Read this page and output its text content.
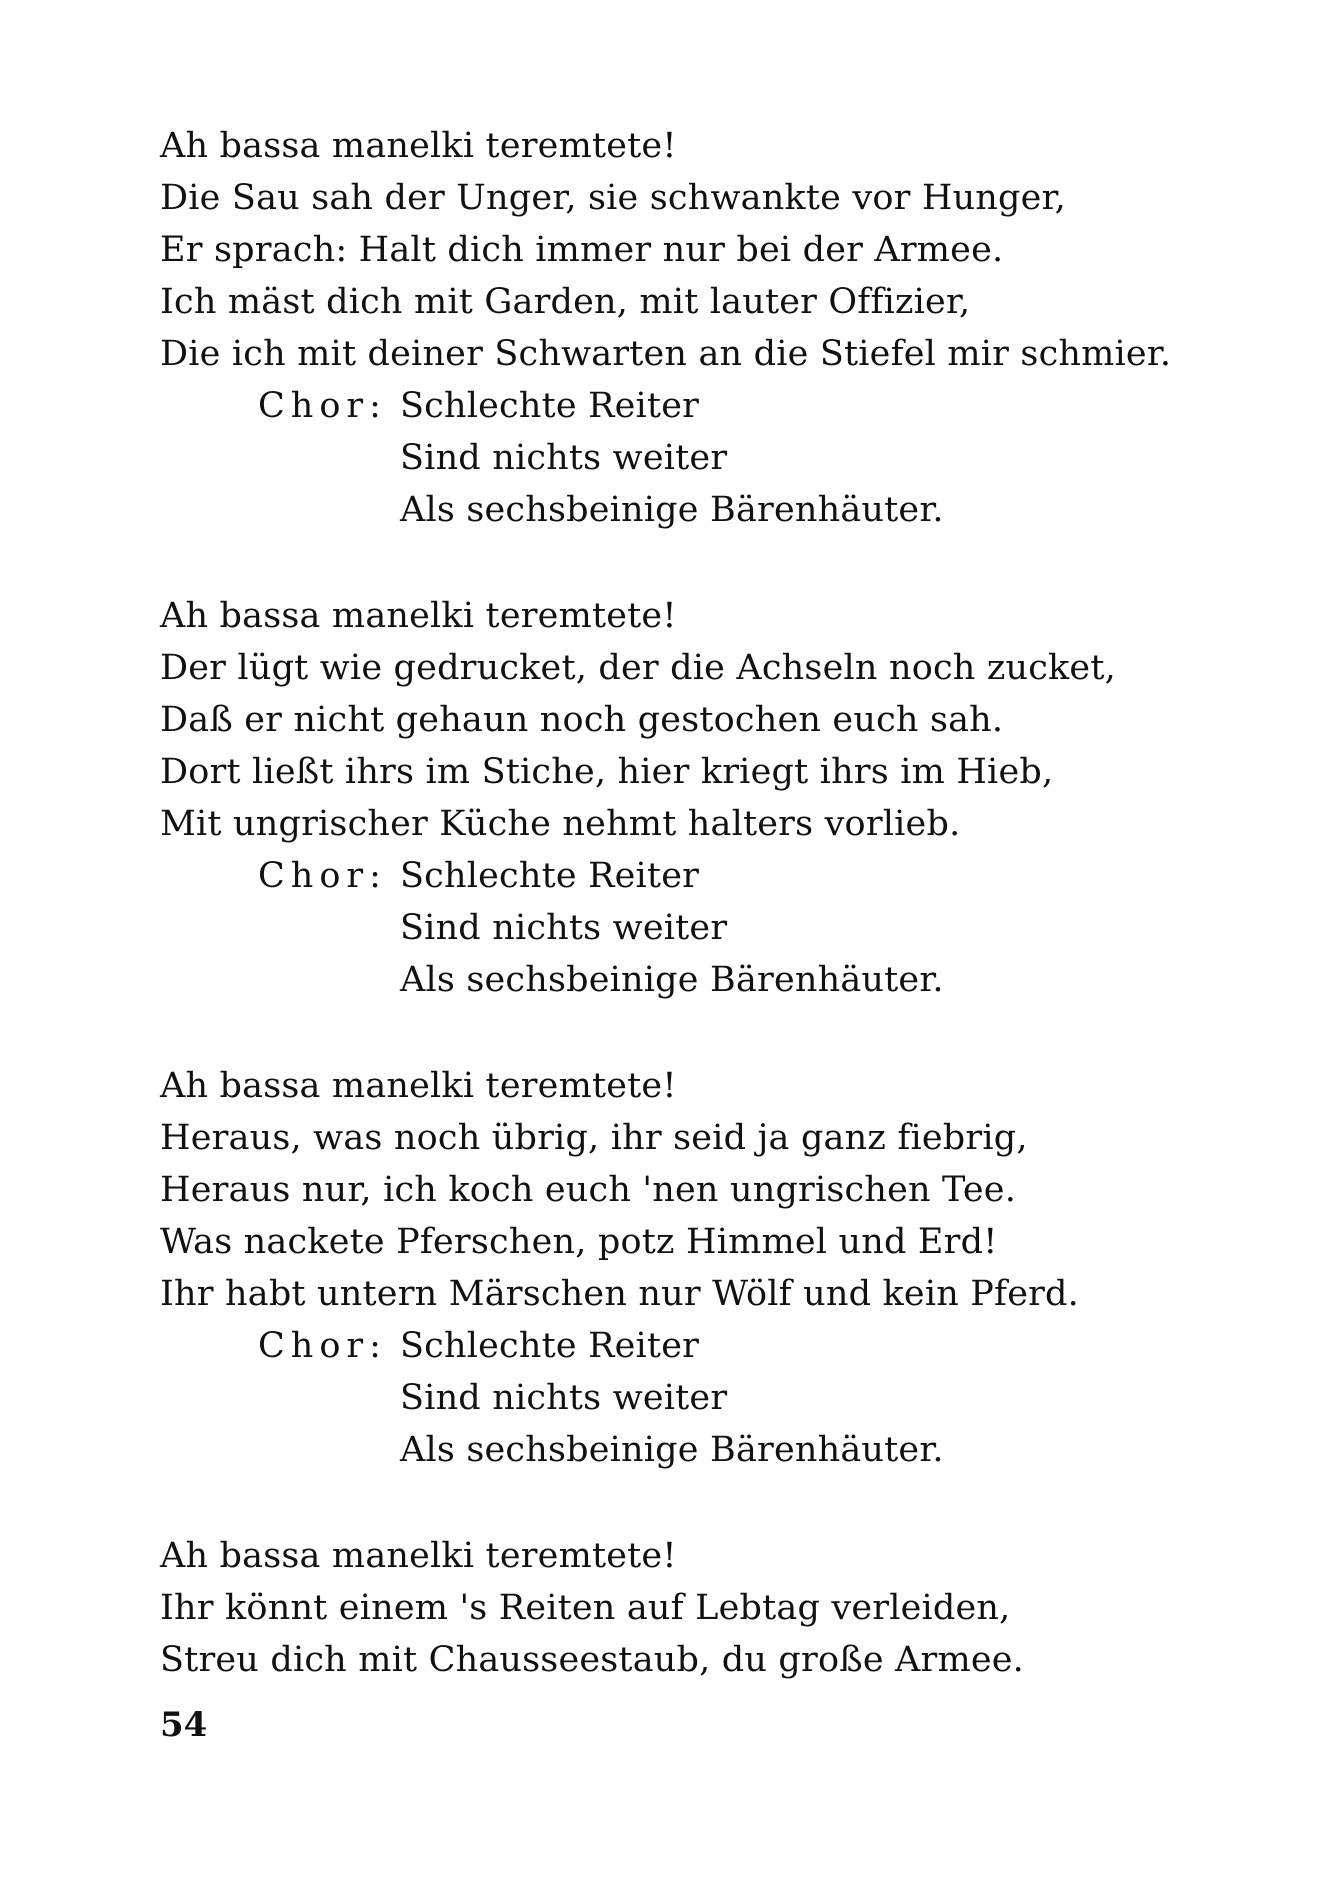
Ah bassa manelki teremtete!
Die Sau sah der Unger, sie schwankte vor Hunger,
Er sprach: Halt dich immer nur bei der Armee.
Ich mäst dich mit Garden, mit lauter Offizier,
Die ich mit deiner Schwarten an die Stiefel mir schmier.
Chor: Schlechte Reiter
Sind nichts weiter
Als sechsbeinige Bärenhäuter.
Ah bassa manelki teremtete!
Der lügt wie gedrucket, der die Achseln noch zucket,
Daß er nicht gehaun noch gestochen euch sah.
Dort ließt ihrs im Stiche, hier kriegt ihrs im Hieb,
Mit ungrischer Küche nehmt halters vorlieb.
Chor: Schlechte Reiter
Sind nichts weiter
Als sechsbeinige Bärenhäuter.
Ah bassa manelki teremtete!
Heraus, was noch übrig, ihr seid ja ganz fiebrig,
Heraus nur, ich koch euch 'nen ungrischen Tee.
Was nackete Pferschen, potz Himmel und Erd!
Ihr habt untern Märschen nur Wölf und kein Pferd.
Chor: Schlechte Reiter
Sind nichts weiter
Als sechsbeinige Bärenhäuter.
Ah bassa manelki teremtete!
Ihr könnt einem 's Reiten auf Lebtag verleiden,
Streu dich mit Chausseestaub, du große Armee.
54
